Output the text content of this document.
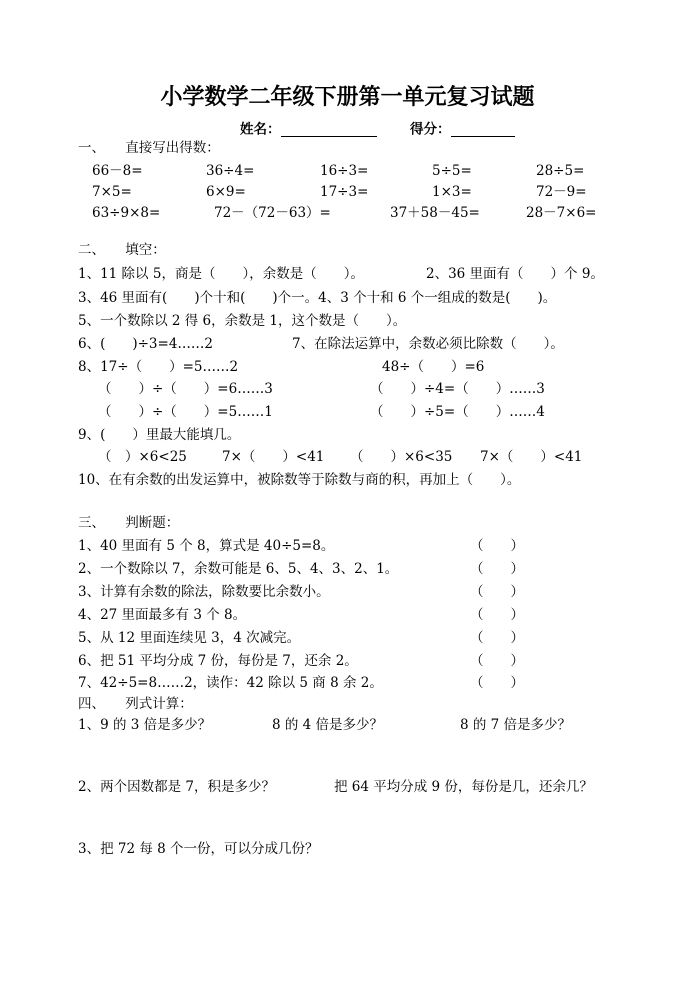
小学数学二年级下册第一单元复习试题
姓名：	得分：
一、　　直接写出得数：
66－8=	36÷4=	16÷3=	5÷5=	28÷5=
7×5=	6×9=	17÷3=	1×3=	72－9=
63÷9×8=	72－（72－63）=	37＋58－45=	28－7×6=
二、　　填空：
1、11 除以 5，商是（　　），余数是（　　）。	2、36 里面有（　　）个 9。
3、46 里面有(　　)个十和(　　)个一。4、3 个十和 6 个一组成的数是(　　)。
5、一个数除以 2 得 6，余数是 1，这个数是（　　）。
6、(　　)÷3=4……2	7、在除法运算中，余数必须比除数（　　）。
8、17÷（　　）=5……2	48÷（　　）=6
（　　）÷（　　）=6……3	（　　）÷4=（　　）……3
（　　）÷（　　）=5……1	（　　）÷5=（　　）……4
9、(　　）里最大能填几。
（　）×6<25	7×（　　）<41 （　　）×6<35 7×（　　）<41
10、在有余数的出发运算中，被除数等于除数与商的积，再加上（　　）。
三、　　判断题：
1、40 里面有 5 个 8，算式是 40÷5=8。	（　　）
2、一个数除以 7，余数可能是 6、5、4、3、2、1。	（　　）
3、计算有余数的除法，除数要比余数小。	（　　）
4、27 里面最多有 3 个 8。	（　　）
5、从 12 里面连续见 3，4 次减完。	（　　）
6、把 51 平均分成 7 份，每份是 7，还余 2。	（　　）
7、42÷5=8……2，读作：42 除以 5 商 8 余 2。	（　　）
四、　　列式计算：
1、9 的 3 倍是多少？	8 的 4 倍是多少？	8 的 7 倍是多少？
2、两个因数都是 7，积是多少？	把 64 平均分成 9 份，每份是几，还余几？
3、把 72 每 8 个一份，可以分成几份？
